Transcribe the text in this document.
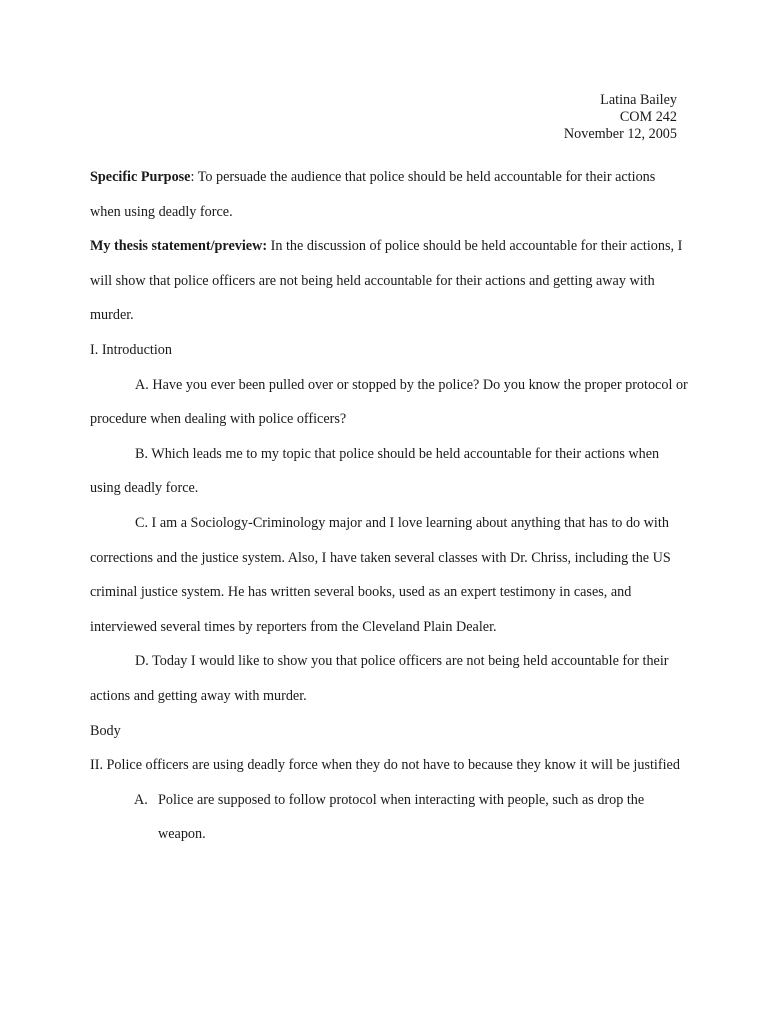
Latina Bailey
COM 242
November 12, 2005

Specific Purpose: To persuade the audience that police should be held accountable for their actions when using deadly force.

My thesis statement/preview: In the discussion of police should be held accountable for their actions, I will show that police officers are not being held accountable for their actions and getting away with murder.

I. Introduction

A. Have you ever been pulled over or stopped by the police? Do you know the proper protocol or procedure when dealing with police officers?

B. Which leads me to my topic that police should be held accountable for their actions when using deadly force.

C. I am a Sociology-Criminology major and I love learning about anything that has to do with corrections and the justice system. Also, I have taken several classes with Dr. Chriss, including the US criminal justice system. He has written several books, used as an expert testimony in cases, and interviewed several times by reporters from the Cleveland Plain Dealer.

D. Today I would like to show you that police officers are not being held accountable for their actions and getting away with murder.

Body

II. Police officers are using deadly force when they do not have to because they know it will be justified

A. Police are supposed to follow protocol when interacting with people, such as drop the weapon.
